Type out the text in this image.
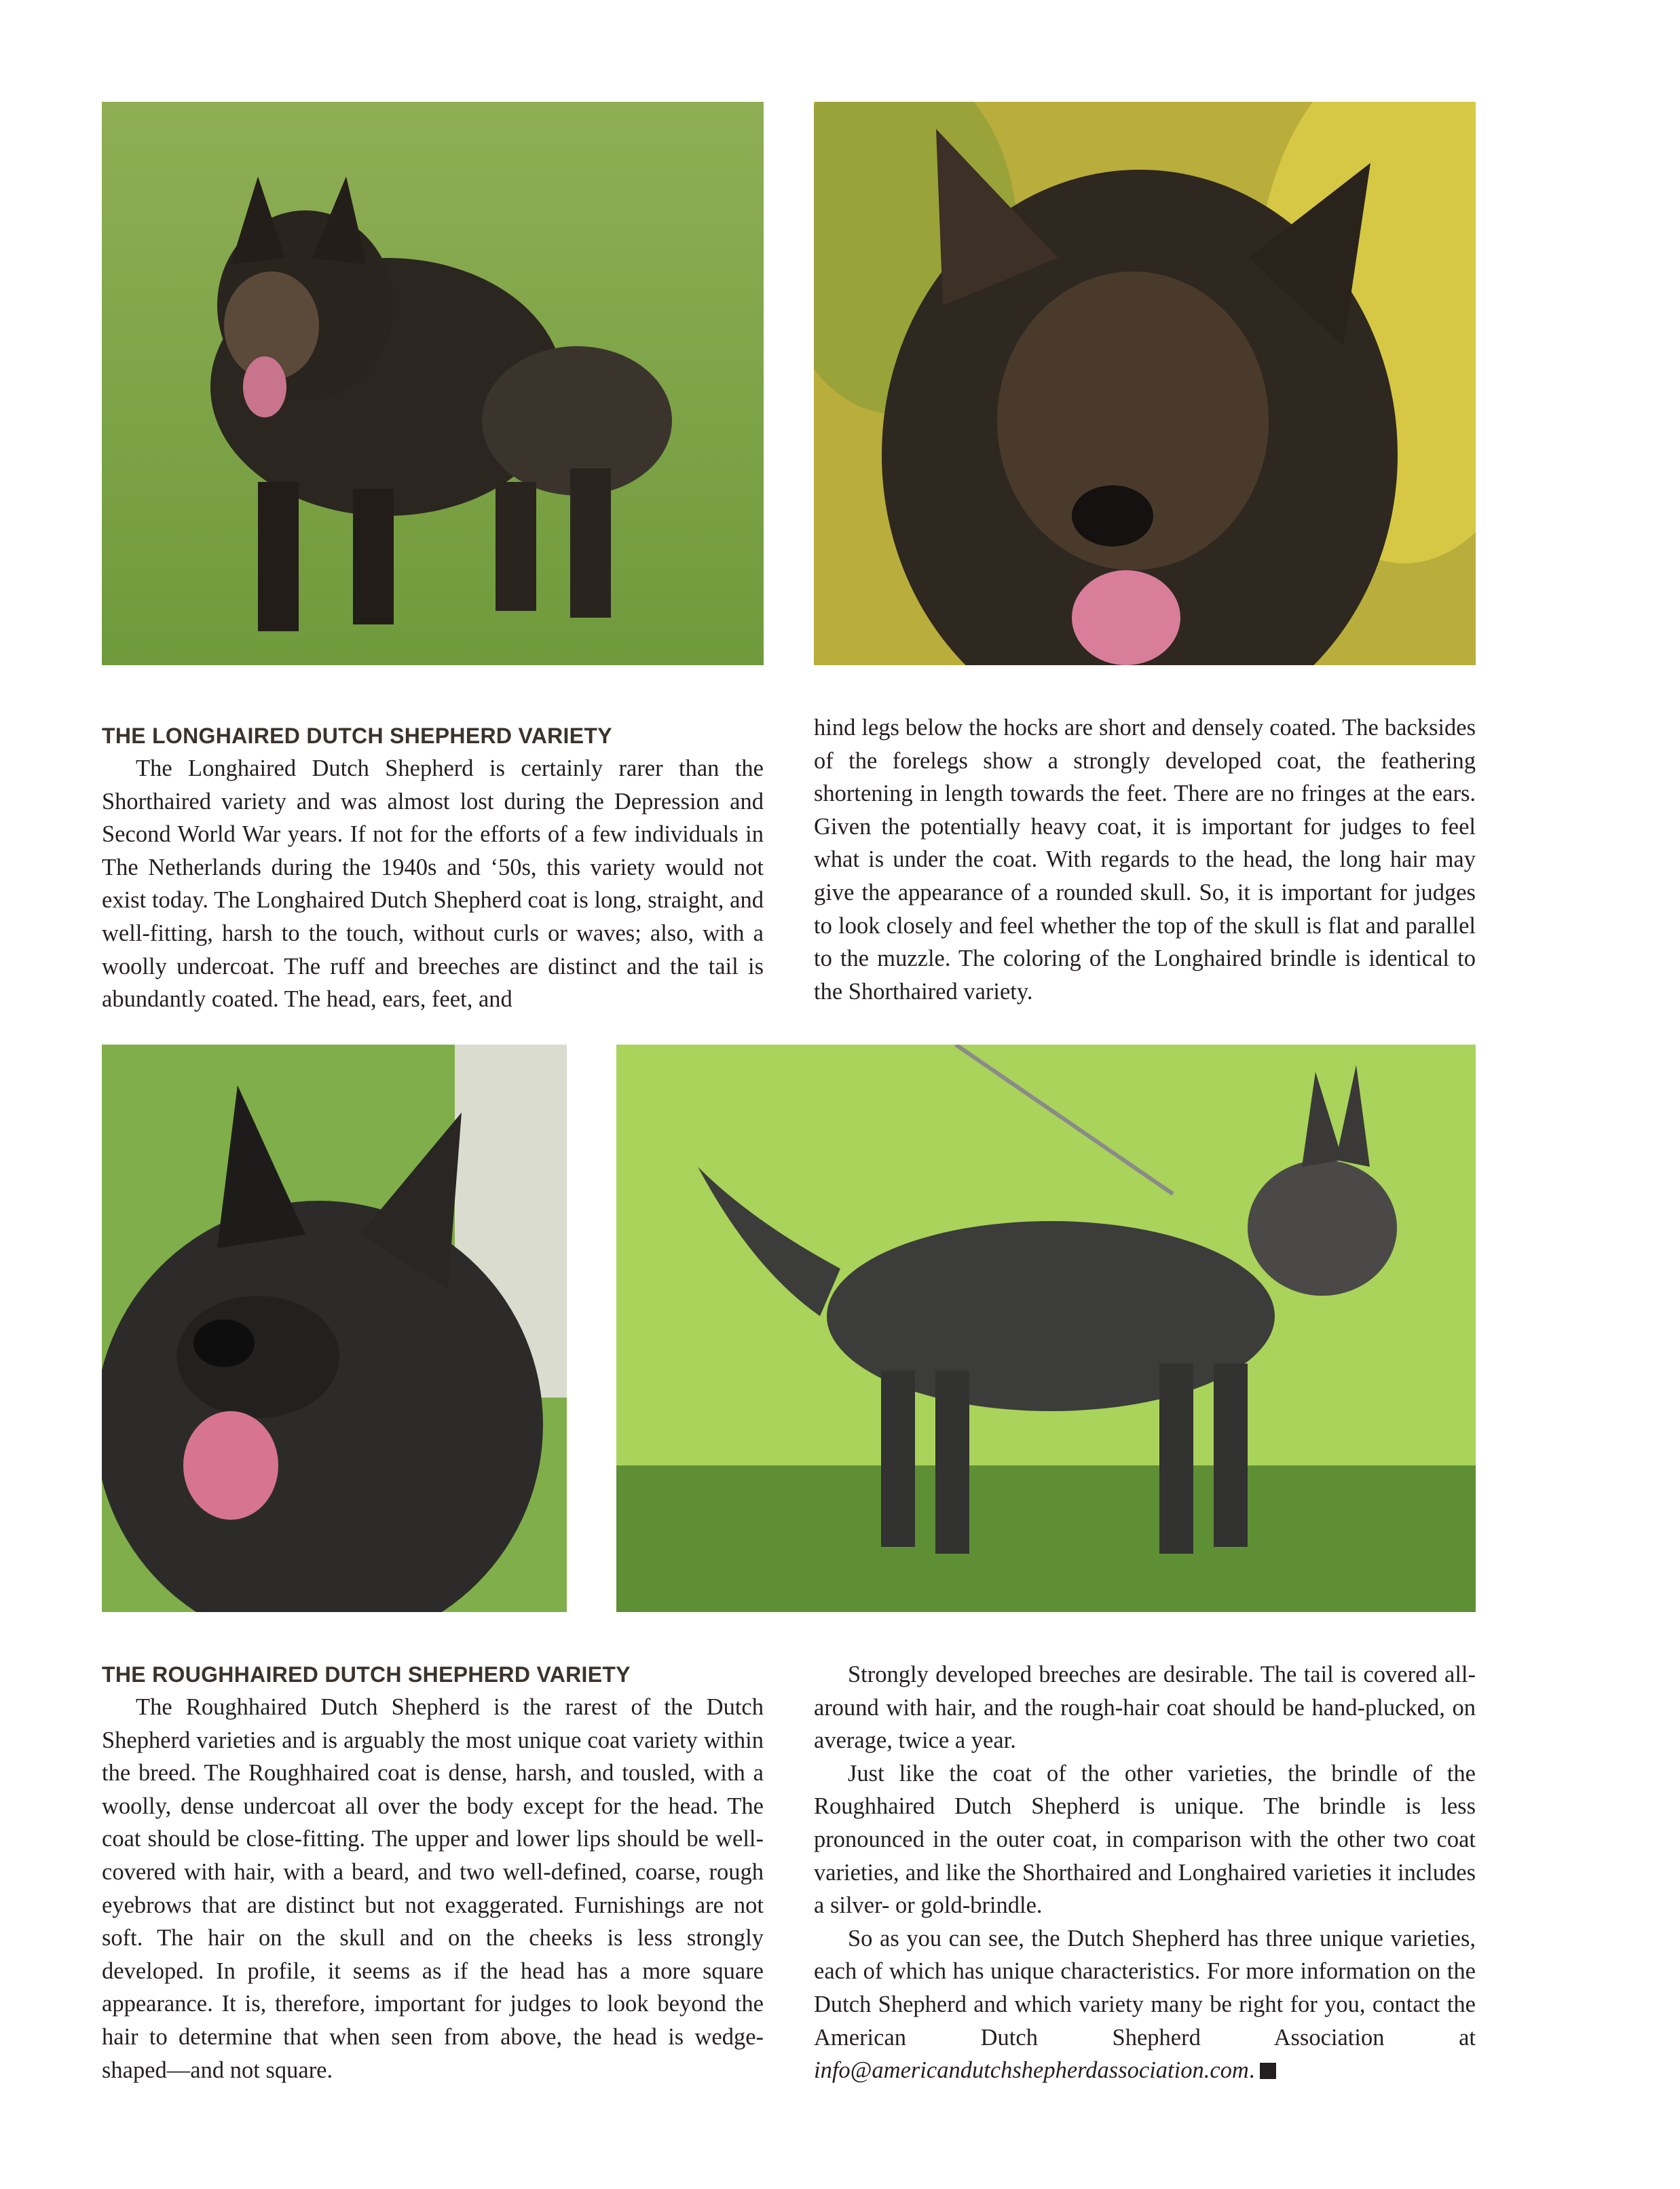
THE LONGHAIRED DUTCH SHEPHERD VARIETY

The Longhaired Dutch Shepherd is certainly rarer than the Shorthaired variety and was almost lost during the Depression and Second World War years. If not for the efforts of a few individuals in The Netherlands during the 1940s and ‘50s, this variety would not exist today. The Longhaired Dutch Shepherd coat is long, straight, and well-fitting, harsh to the touch, without curls or waves; also, with a woolly undercoat. The ruff and breeches are distinct and the tail is abundantly coated. The head, ears, feet, and

hind legs below the hocks are short and densely coated. The backsides of the forelegs show a strongly developed coat, the feathering shortening in length towards the feet. There are no fringes at the ears. Given the potentially heavy coat, it is important for judges to feel what is under the coat. With regards to the head, the long hair may give the appearance of a rounded skull. So, it is important for judges to look closely and feel whether the top of the skull is flat and parallel to the muzzle. The coloring of the Longhaired brindle is identical to the Shorthaired variety.

THE ROUGHHAIRED DUTCH SHEPHERD VARIETY

The Roughhaired Dutch Shepherd is the rarest of the Dutch Shepherd varieties and is arguably the most unique coat variety within the breed. The Roughhaired coat is dense, harsh, and tousled, with a woolly, dense undercoat all over the body except for the head. The coat should be close-fitting. The upper and lower lips should be well-covered with hair, with a beard, and two well-defined, coarse, rough eyebrows that are distinct but not exaggerated. Furnishings are not soft. The hair on the skull and on the cheeks is less strongly developed. In profile, it seems as if the head has a more square appearance. It is, therefore, important for judges to look beyond the hair to determine that when seen from above, the head is wedge-shaped—and not square.

Strongly developed breeches are desirable. The tail is covered all-around with hair, and the rough-hair coat should be hand-plucked, on average, twice a year.

Just like the coat of the other varieties, the brindle of the Roughhaired Dutch Shepherd is unique. The brindle is less pronounced in the outer coat, in comparison with the other two coat varieties, and like the Shorthaired and Longhaired varieties it includes a silver- or gold-brindle.

So as you can see, the Dutch Shepherd has three unique varieties, each of which has unique characteristics. For more information on the Dutch Shepherd and which variety many be right for you, contact the American Dutch Shepherd Association at info@americandutchshepherdassociation.com.
